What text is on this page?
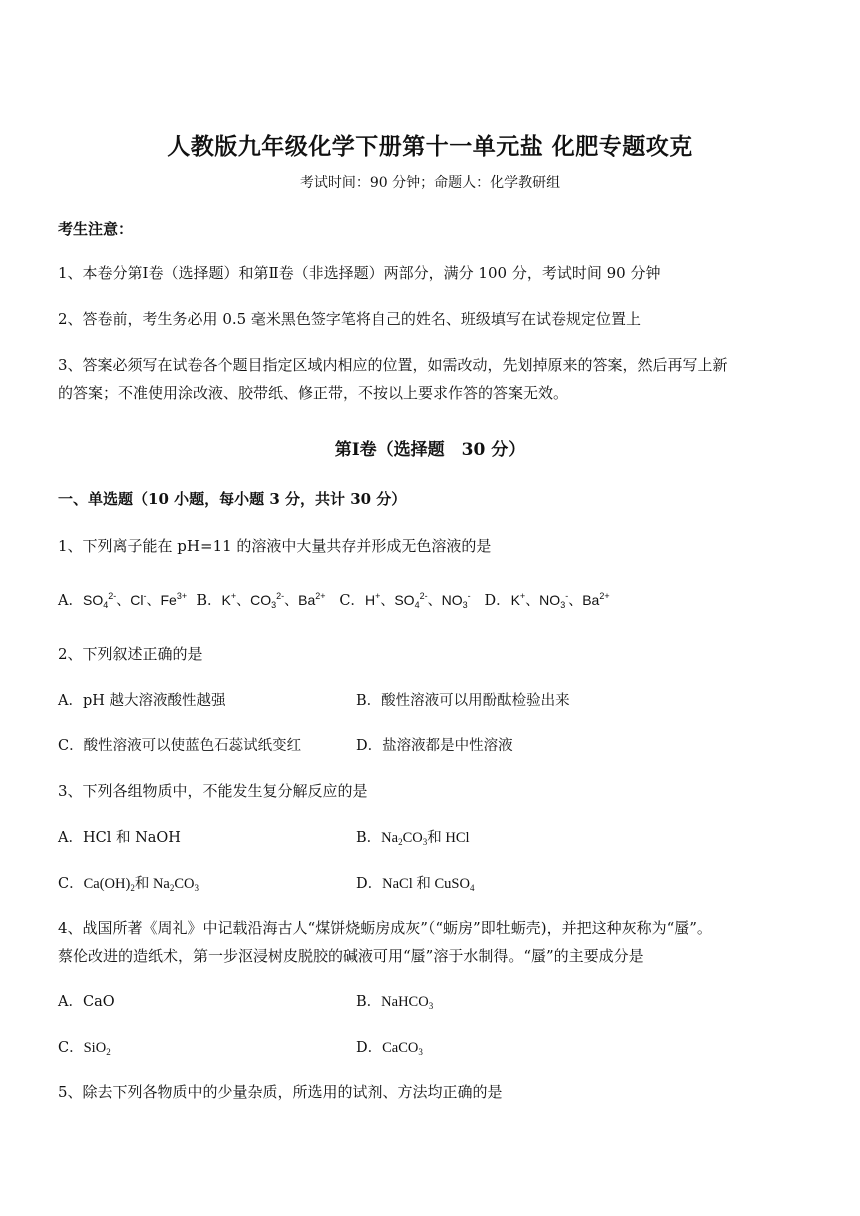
人教版九年级化学下册第十一单元盐 化肥专题攻克
考试时间：90 分钟；命题人：化学教研组
考生注意：
1、本卷分第Ⅰ卷（选择题）和第Ⅱ卷（非选择题）两部分，满分 100 分，考试时间 90 分钟
2、答卷前，考生务必用 0.5 毫米黑色签字笔将自己的姓名、班级填写在试卷规定位置上
3、答案必须写在试卷各个题目指定区域内相应的位置，如需改动，先划掉原来的答案，然后再写上新
的答案；不准使用涂改液、胶带纸、修正带，不按以上要求作答的答案无效。
第Ⅰ卷（选择题　30 分）
一、单选题（10 小题，每小题 3 分，共计 30 分）
1、下列离子能在 pH=11 的溶液中大量共存并形成无色溶液的是
A．$SO_4^{2-}$、Cl-、$Fe^{3+}$ B．K+、$CO_3^{2-}$、$Ba^{2+}$ C．H+、$SO_4^{2-}$、$NO_3^-$ D．K+、$NO_3^-$、$Ba^{2+}$
2、下列叙述正确的是
A．pH 越大溶液酸性越强	B．酸性溶液可以用酚酞检验出来
C．酸性溶液可以使蓝色石蕊试纸变红	D．盐溶液都是中性溶液
3、下列各组物质中，不能发生复分解反应的是
A．HCl 和 NaOH	B．$Na_2CO_3$和 HCl
C．$Ca(OH)_2$和 $Na_2CO_3$	D．NaCl 和 CuSO$_4$
4、战国所著《周礼》中记载沿海古人“煤饼烧蛎房成灰”（“蛎房”即牡蛎壳)，并把这种灰称为“蜃”。
蔡伦改进的造纸术，第一步沤浸树皮脱胶的碱液可用“蜃”溶于水制得。“蜃”的主要成分是
A．CaO	B．NaHCO$_3$
C．SiO$_2$	D．CaCO$_3$
5、除去下列各物质中的少量杂质，所选用的试剂、方法均正确的是
